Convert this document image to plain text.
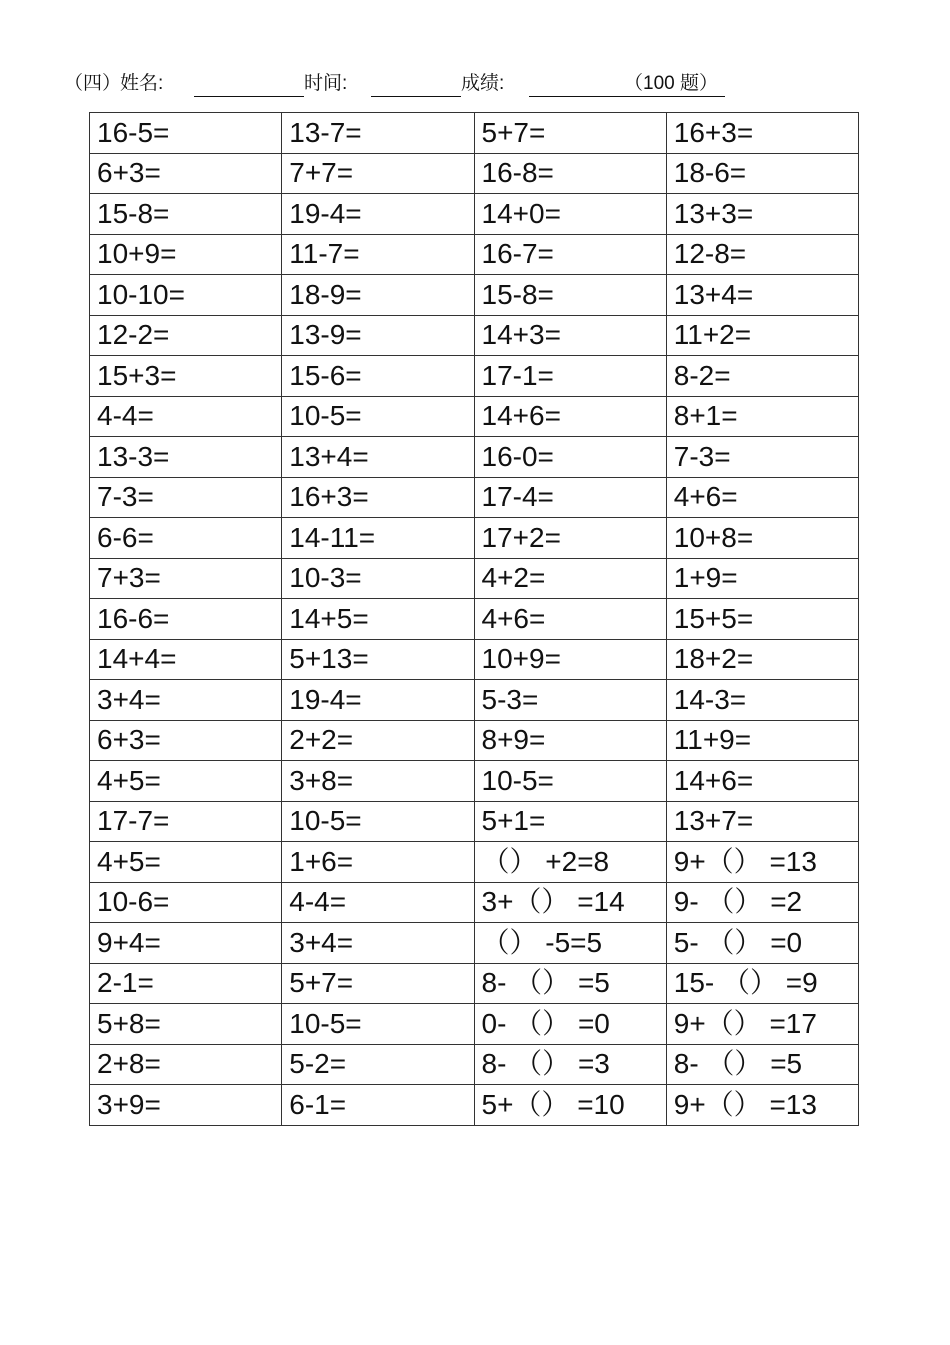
（四）
姓名:	时间:	成绩:	（100 题）
16-5=	13-7=	5+7=	16+3=
6+3=	7+7=	16-8=	18-6=
15-8=	19-4=	14+0=	13+3=
10+9=	11-7=	16-7=	12-8=
10-10=	18-9=	15-8=	13+4=
12-2=	13-9=	14+3=	11+2=
15+3=	15-6=	17-1=	8-2=
4-4=	10-5=	14+6=	8+1=
13-3=	13+4=	16-0=	7-3=
7-3=	16+3=	17-4=	4+6=
6-6=	14-11=	17+2=	10+8=
7+3=	10-3=	4+2=	1+9=
16-6=	14+5=	4+6=	15+5=
14+4=	5+13=	10+9=	18+2=
3+4=	19-4=	5-3=	14-3=
6+3=	2+2=	8+9=	11+9=
4+5=	3+8=	10-5=	14+6=
17-7=	10-5=	5+1=	13+7=
4+5=	1+6=	（） +2=8	9+（） =13
10-6=	4-4=	3+（） =14	9- （） =2
9+4=	3+4=	（） -5=5	5- （） =0
2-1=	5+7=	8- （） =5	15- （） =9
5+8=	10-5=	0- （） =0	9+（） =17
2+8=	5-2=	8- （） =3	8- （） =5
3+9=	6-1=	5+（） =10	9+（） =13
